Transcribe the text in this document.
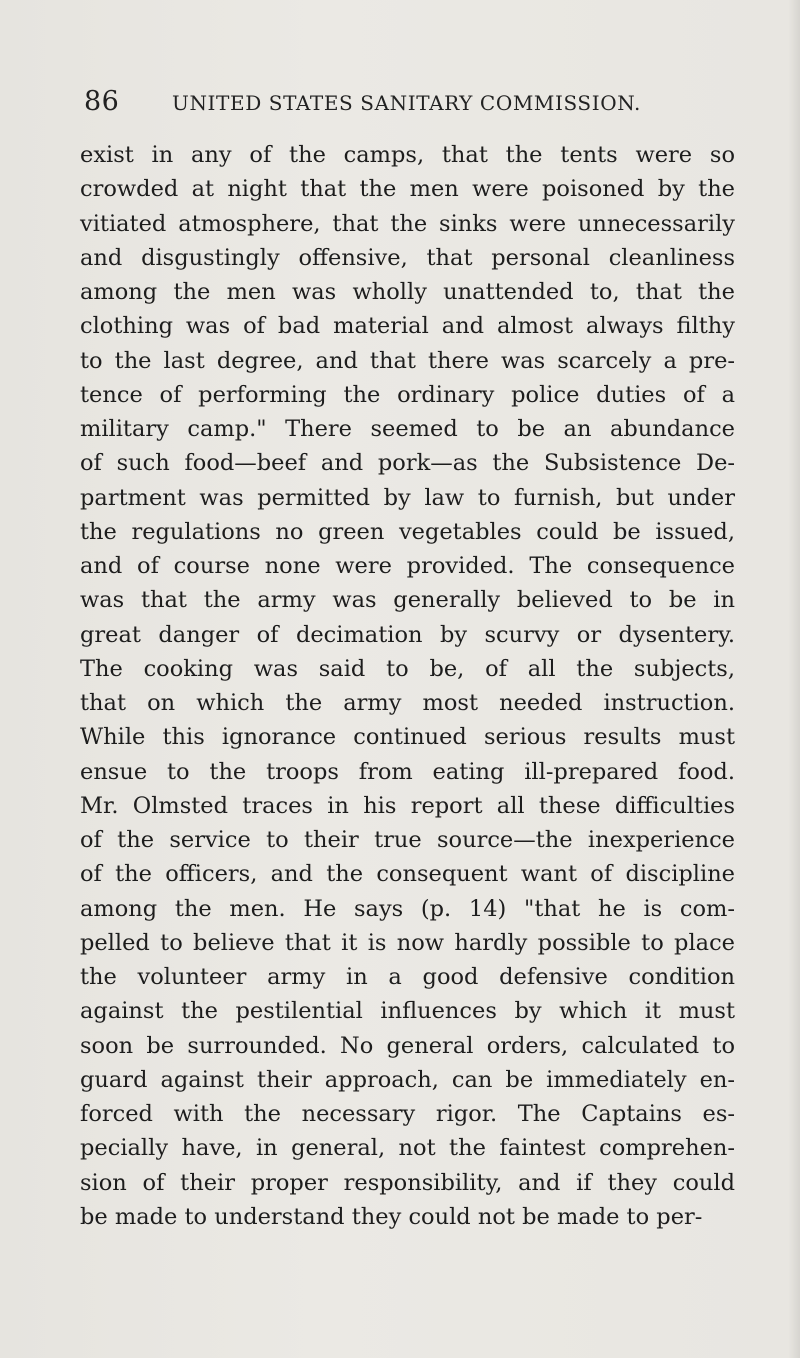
86	UNITED STATES SANITARY COMMISSION.
exist in any of the camps, that the tents were so
crowded at night that the men were poisoned by the
vitiated atmosphere, that the sinks were unnecessarily
and disgustingly offensive, that personal cleanliness
among the men was wholly unattended to, that the
clothing was of bad material and almost always filthy
to the last degree, and that there was scarcely a pre-
tence of performing the ordinary police duties of a
military camp." There seemed to be an abundance
of such food—beef and pork—as the Subsistence De-
partment was permitted by law to furnish, but under
the regulations no green vegetables could be issued,
and of course none were provided. The consequence
was that the army was generally believed to be in
great danger of decimation by scurvy or dysentery.
The cooking was said to be, of all the subjects,
that on which the army most needed instruction.
While this ignorance continued serious results must
ensue to the troops from eating ill-prepared food.
Mr. Olmsted traces in his report all these difficulties
of the service to their true source—the inexperience
of the officers, and the consequent want of discipline
among the men. He says (p. 14) "that he is com-
pelled to believe that it is now hardly possible to place
the volunteer army in a good defensive condition
against the pestilential influences by which it must
soon be surrounded. No general orders, calculated to
guard against their approach, can be immediately en-
forced with the necessary rigor. The Captains es-
pecially have, in general, not the faintest comprehen-
sion of their proper responsibility, and if they could
be made to understand they could not be made to per-
